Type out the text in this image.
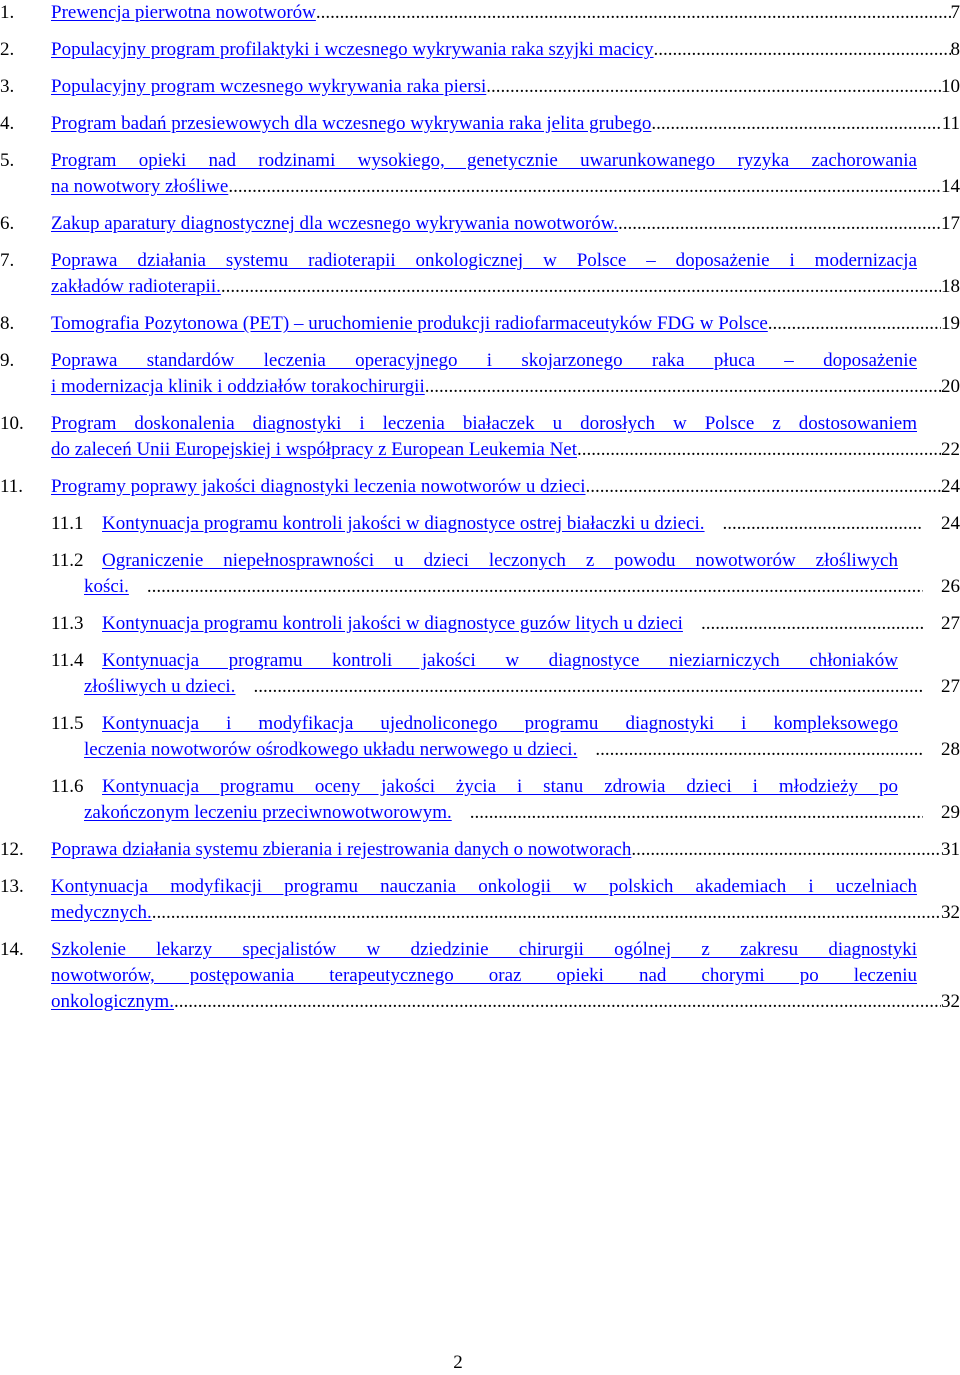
1. Prewencja pierwotna nowotworów .....	7
2. Populacyjny program profilaktyki i wczesnego wykrywania raka szyjki macicy .....	8
3. Populacyjny program wczesnego wykrywania raka piersi .....	10
4. Program badań przesiewowych dla wczesnego wykrywania raka jelita grubego .....	11
5. Program opieki nad rodzinami wysokiego, genetycznie uwarunkowanego ryzyka zachorowania
na nowotwory złośliwe .....	14
6. Zakup aparatury diagnostycznej dla wczesnego wykrywania nowotworów. .....	17
7. Poprawa działania systemu radioterapii onkologicznej w Polsce – doposażenie i modernizacja
zakładów radioterapii. .....	18
8. Tomografia Pozytonowa (PET) – uruchomienie produkcji radiofarmaceutyków FDG w Polsce .....	19
9. Poprawa standardów leczenia operacyjnego i skojarzonego raka płuca – doposażenie
i modernizacja klinik i oddziałów torakochirurgii .....	20
10. Program doskonalenia diagnostyki i leczenia białaczek u dorosłych w Polsce z dostosowaniem
do zaleceń Unii Europejskiej i współpracy z European Leukemia Net .....	22
11. Programy poprawy jakości diagnostyki leczenia nowotworów u dzieci .....	24
11.1 Kontynuacja programu kontroli jakości w diagnostyce ostrej białaczki u dzieci. .....	24
11.2 Ograniczenie niepełnosprawności u dzieci leczonych z powodu nowotworów złośliwych
kości. .....	26
11.3 Kontynuacja programu kontroli jakości w diagnostyce guzów litych u dzieci .....	27
11.4 Kontynuacja programu kontroli jakości w diagnostyce nieziarniczych chłoniaków
złośliwych u dzieci. .....	27
11.5 Kontynuacja i modyfikacja ujednoliconego programu diagnostyki i kompleksowego
leczenia nowotworów ośrodkowego układu nerwowego u dzieci. .....	28
11.6 Kontynuacja programu oceny jakości życia i stanu zdrowia dzieci i młodzieży po
zakończonym leczeniu przeciwnowotworowym. .....	29
12. Poprawa działania systemu zbierania i rejestrowania danych o nowotworach .....	31
13. Kontynuacja modyfikacji programu nauczania onkologii w polskich akademiach i uczelniach
medycznych. .....	32
14. Szkolenie lekarzy specjalistów w dziedzinie chirurgii ogólnej z zakresu diagnostyki
nowotworów, postępowania terapeutycznego oraz opieki nad chorymi po leczeniu
onkologicznym. .....	32
2
